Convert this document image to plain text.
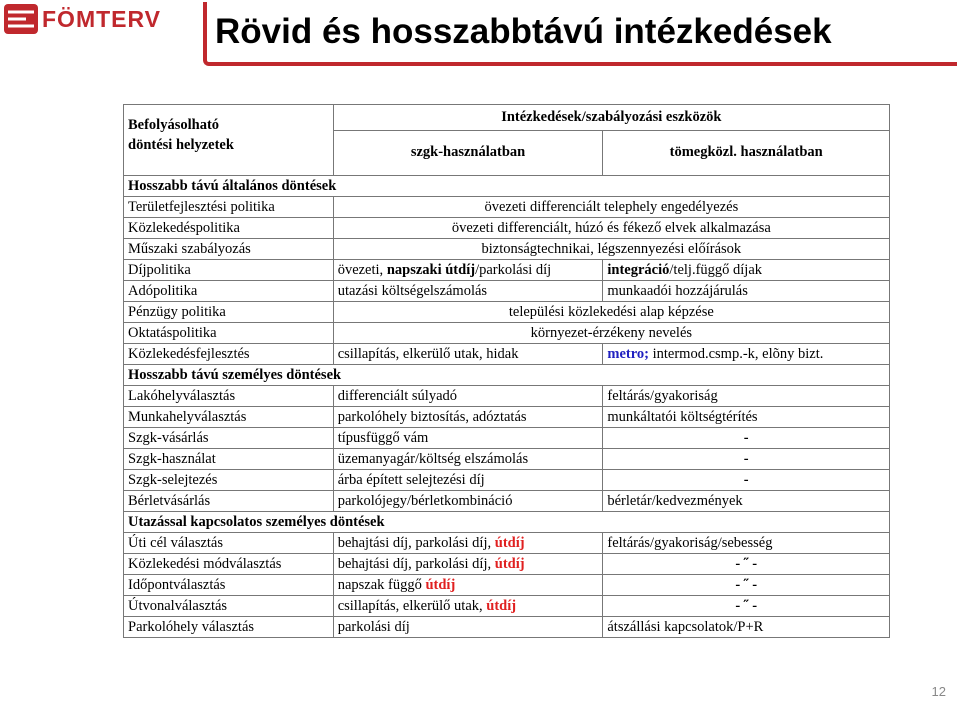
FÖMTERV Rövid és hosszabbtávú intézkedések
Befolyásolható
döntési helyzetek	Intézkedések/szabályozási eszközök	
	szgk-használatban	tömegközl. használatban
Hosszabb távú általános döntések		
Területfejlesztési politika	övezeti differenciált telephely engedélyezés	
Közlekedéspolitika	övezeti differenciált, húzó és fékező elvek alkalmazása	
Műszaki szabályozás	biztonságtechnikai, légszennyezési előírások	
Díjpolitika	övezeti, napszaki útdíj/parkolási díj	integráció/telj.függő díjak
Adópolitika	utazási költségelszámolás	munkaadói hozzájárulás
Pénzügy politika	települési közlekedési alap képzése	
Oktatáspolitika	környezet-érzékeny nevelés	
Közlekedésfejlesztés	csillapítás, elkerülő utak, hidak	metro; intermod.csmp.-k, elõny bizt.
Hosszabb távú személyes döntések		
Lakóhelyválasztás	differenciált súlyadó	feltárás/gyakoriság
Munkahelyválasztás	parkolóhely biztosítás, adóztatás	munkáltatói költségtérítés
Szgk-vásárlás	típusfüggő vám	-
Szgk-használat	üzemanyagár/költség elszámolás	-
Szgk-selejtezés	árba épített selejtezési díj	-
Bérletvásárlás	parkolójegy/bérletkombináció	bérletár/kedvezmények
Utazással kapcsolatos személyes döntések		
Úti cél választás	behajtási díj, parkolási díj, útdíj	feltárás/gyakoriság/sebesség
Közlekedési módválasztás	behajtási díj, parkolási díj, útdíj	- ˝ -
Időpontválasztás	napszak függő útdíj	- ˝ -
Útvonalválasztás	csillapítás, elkerülő utak, útdíj	- ˝ -
Parkolóhely választás	parkolási díj	átszállási kapcsolatok/P+R
12
